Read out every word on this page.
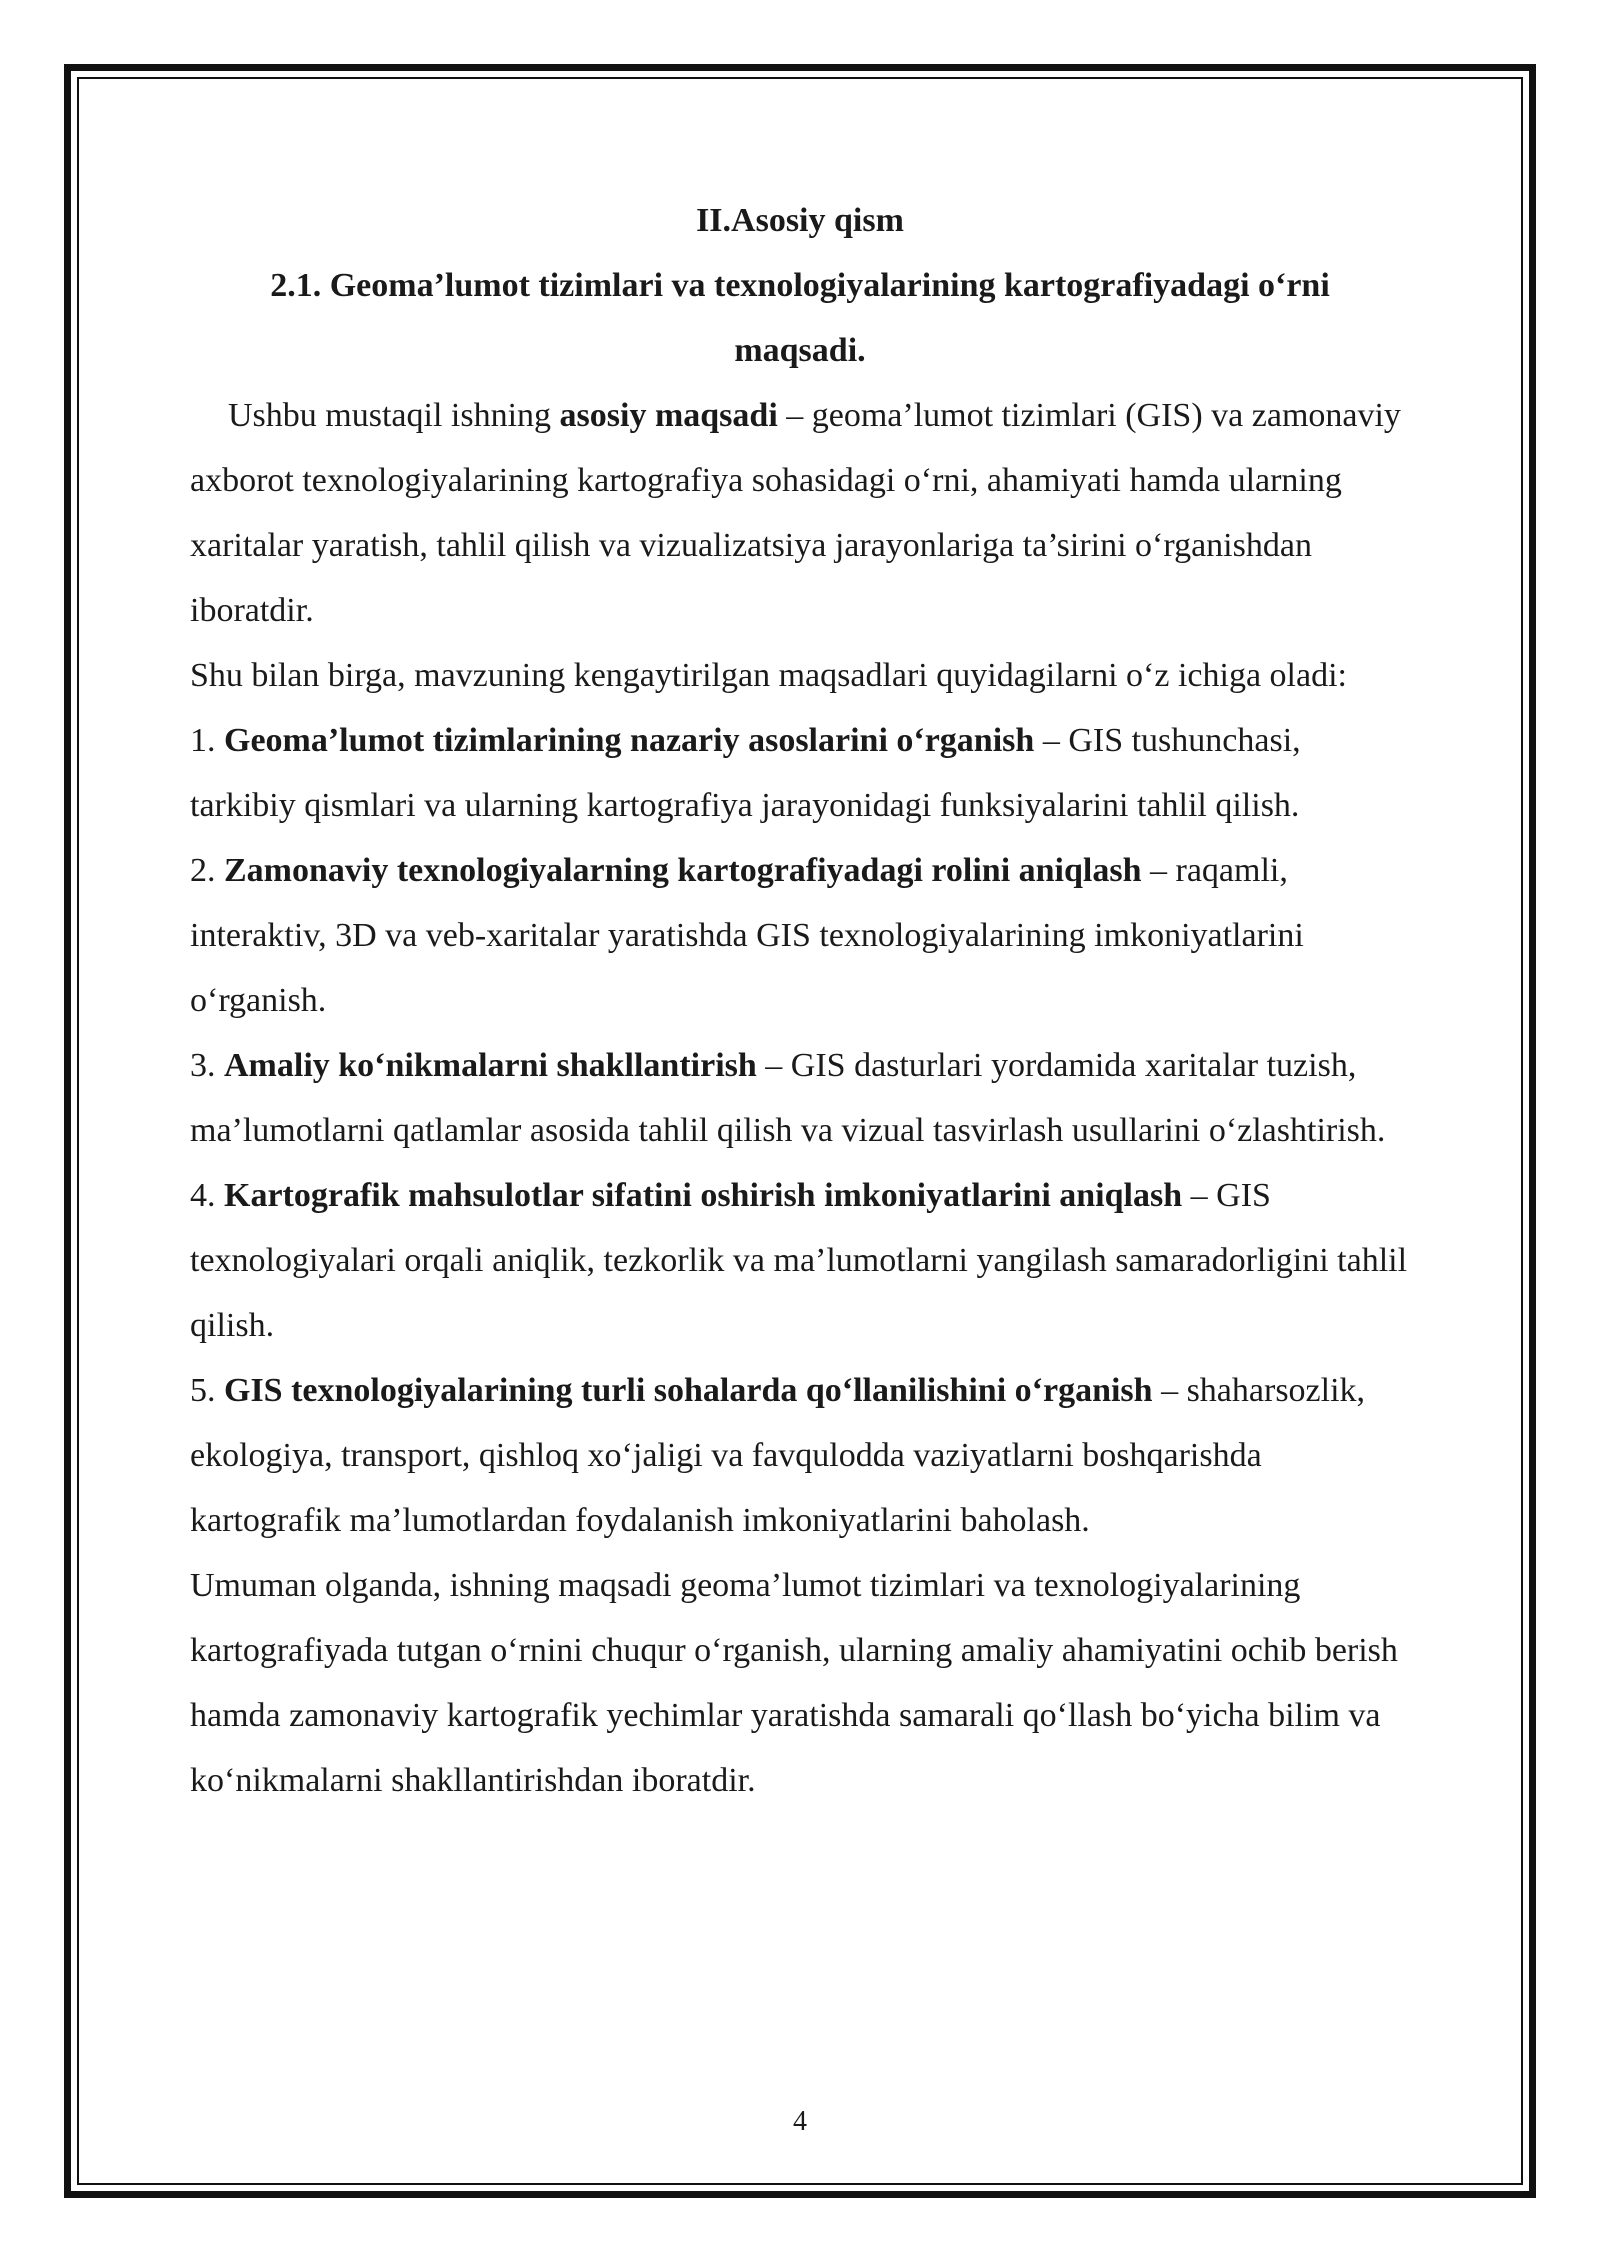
II.Asosiy qism

2.1. Geoma’lumot tizimlari va texnologiyalarining kartografiyadagi o‘rni maqsadi.

Ushbu mustaqil ishning asosiy maqsadi – geoma’lumot tizimlari (GIS) va zamonaviy axborot texnologiyalarining kartografiya sohasidagi o‘rni, ahamiyati hamda ularning xaritalar yaratish, tahlil qilish va vizualizatsiya jarayonlariga ta’sirini o‘rganishdan iboratdir.

Shu bilan birga, mavzuning kengaytirilgan maqsadlari quyidagilarni o‘z ichiga oladi:

1. Geoma’lumot tizimlarining nazariy asoslarini o‘rganish – GIS tushunchasi, tarkibiy qismlari va ularning kartografiya jarayonidagi funksiyalarini tahlil qilish.

2. Zamonaviy texnologiyalarning kartografiyadagi rolini aniqlash – raqamli, interaktiv, 3D va veb-xaritalar yaratishda GIS texnologiyalarining imkoniyatlarini o‘rganish.

3. Amaliy ko‘nikmalarni shakllantirish – GIS dasturlari yordamida xaritalar tuzish, ma’lumotlarni qatlamlar asosida tahlil qilish va vizual tasvirlash usullarini o‘zlashtirish.

4. Kartografik mahsulotlar sifatini oshirish imkoniyatlarini aniqlash – GIS texnologiyalari orqali aniqlik, tezkorlik va ma’lumotlarni yangilash samaradorligini tahlil qilish.

5. GIS texnologiyalarining turli sohalarda qo‘llanilishini o‘rganish – shaharsozlik, ekologiya, transport, qishloq xo‘jaligi va favqulodda vaziyatlarni boshqarishda kartografik ma’lumotlardan foydalanish imkoniyatlarini baholash.

Umuman olganda, ishning maqsadi geoma’lumot tizimlari va texnologiyalarining kartografiyada tutgan o‘rnini chuqur o‘rganish, ularning amaliy ahamiyatini ochib berish hamda zamonaviy kartografik yechimlar yaratishda samarali qo‘llash bo‘yicha bilim va ko‘nikmalarni shakllantirishdan iboratdir.

4
